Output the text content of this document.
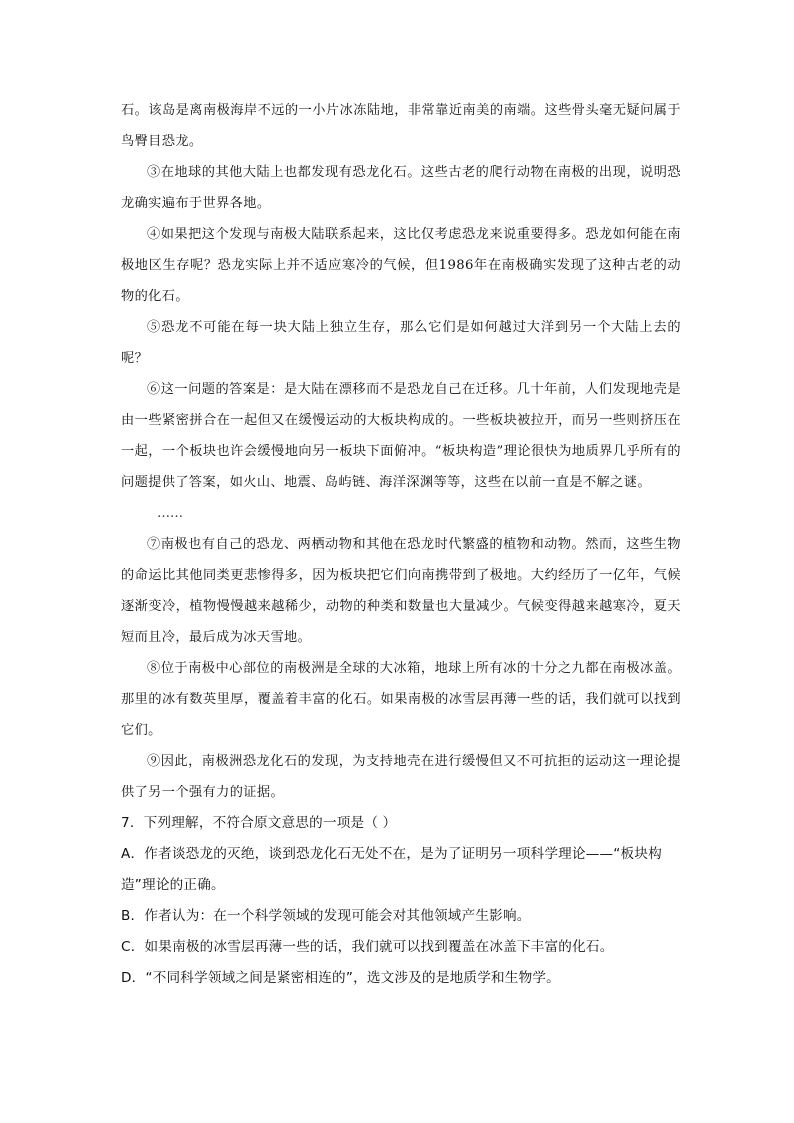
石。该岛是离南极海岸不远的一小片冰冻陆地，非常靠近南美的南端。这些骨头毫无疑问属于鸟臀目恐龙。

③在地球的其他大陆上也都发现有恐龙化石。这些古老的爬行动物在南极的出现，说明恐龙确实遍布于世界各地。

④如果把这个发现与南极大陆联系起来，这比仅考虑恐龙来说重要得多。恐龙如何能在南极地区生存呢？恐龙实际上并不适应寒冷的气候，但1986年在南极确实发现了这种古老的动物的化石。

⑤恐龙不可能在每一块大陆上独立生存，那么它们是如何越过大洋到另一个大陆上去的呢？

⑥这一问题的答案是：是大陆在漂移而不是恐龙自己在迁移。几十年前，人们发现地壳是由一些紧密拼合在一起但又在缓慢运动的大板块构成的。一些板块被拉开，而另一些则挤压在一起，一个板块也许会缓慢地向另一板块下面俯冲。“板块构造”理论很快为地质界几乎所有的问题提供了答案，如火山、地震、岛屿链、海洋深渊等等，这些在以前一直是不解之谜。

……

⑦南极也有自己的恐龙、两栖动物和其他在恐龙时代繁盛的植物和动物。然而，这些生物的命运比其他同类更悲惨得多，因为板块把它们向南携带到了极地。大约经历了一亿年，气候逐渐变冷，植物慢慢越来越稀少，动物的种类和数量也大量减少。气候变得越来越寒冷，夏天短而且冷，最后成为冰天雪地。

⑧位于南极中心部位的南极洲是全球的大冰箱，地球上所有冰的十分之九都在南极冰盖。那里的冰有数英里厚，覆盖着丰富的化石。如果南极的冰雪层再薄一些的话，我们就可以找到它们。

⑨因此，南极洲恐龙化石的发现，为支持地壳在进行缓慢但又不可抗拒的运动这一理论提供了另一个强有力的证据。

7．下列理解，不符合原文意思的一项是（ ）

A．作者谈恐龙的灭绝，谈到恐龙化石无处不在，是为了证明另一项科学理论——“板块构造”理论的正确。

B．作者认为：在一个科学领域的发现可能会对其他领域产生影响。

C．如果南极的冰雪层再薄一些的话，我们就可以找到覆盖在冰盖下丰富的化石。

D．“不同科学领域之间是紧密相连的”，选文涉及的是地质学和生物学。
